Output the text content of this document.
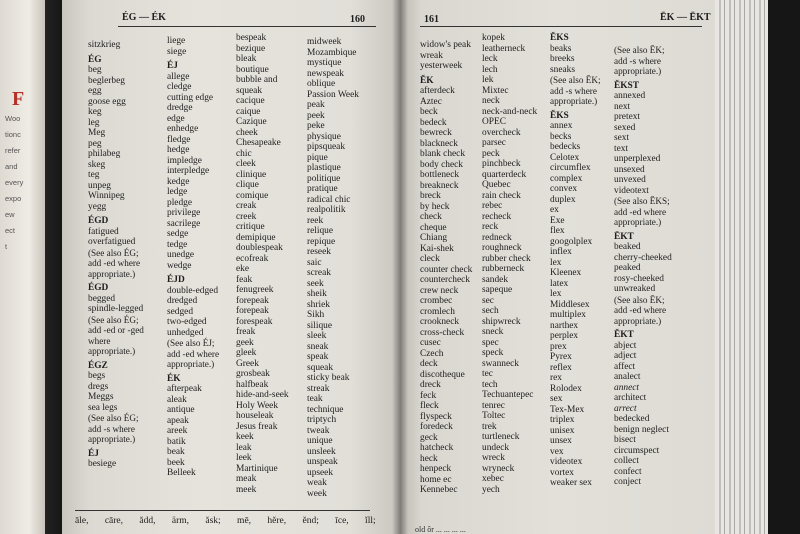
F
Woo
tionc
refer
and
every
expo
ew
ect
t
ÉG — ÉK	160	161	ĒK — ĒKT
sitzkrieg
ÉG
beg
beglerbeg
egg
goose egg
keg
leg
Meg
peg
philabeg
skeg
teg
unpeg
Winnipeg
yegg
ÉGD
fatigued
overfatigued
(See also ÉG;
add -ed where
appropriate.)
ÉGD
begged
spindle-legged
(See also ÉG;
add -ed or -ged
where
appropriate.)
ÉGZ
begs
dregs
Meggs
sea legs
(See also ÉG;
add -s where
appropriate.)
ÉJ
besiege
liege
siege
ÉJ
allege
cledge
cutting edge
dredge
edge
enhedge
fledge
hedge
impledge
interpledge
kedge
ledge
pledge
privilege
sacrilege
sedge
tedge
unedge
wedge
ÉJD
double-edged
dredged
sedged
two-edged
unhedged
(See also ÉJ;
add -ed where
appropriate.)
ÉK
afterpeak
aleak
antique
apeak
areek
batik
beak
beek
Belleek
bespeak
bezique
bleak
boutique
bubble and
squeak
cacique
caique
Cazique
cheek
Chesapeake
chic
cleek
clinique
clique
comique
creak
creek
critique
demipique
doublespeak
ecofreak
eke
feak
fenugreek
forepeak
forepeak
forespeak
freak
geek
gleek
Greek
grosbeak
halfbeak
hide-and-seek
Holy Week
houseleak
Jesus freak
keek
leak
leek
Martinique
meak
meek
midweek
Mozambique
mystique
newspeak
oblique
Passion Week
peak
peek
peke
physique
pipsqueak
pique
plastique
politique
pratique
radical chic
realpolitik
reek
relique
repique
reseek
saic
screak
seek
sheik
shriek
Sikh
silique
sleek
sneak
speak
squeak
sticky beak
streak
teak
technique
triptych
tweak
unique
unsleek
unspeak
upseek
weak
week
widow's peak
wreak
yesterweek
ĔK
afterdeck
Aztec
beck
bedeck
bewreck
blackneck
blank check
body check
bottleneck
breakneck
breck
by heck
check
cheque
Chiang
Kai-shek
cleck
counter check
countercheck
crew neck
crombec
cromlech
crookneck
cross-check
cusec
Czech
deck
discotheque
dreck
feck
fleck
flyspeck
foredeck
geck
hatcheck
heck
henpeck
home ec
Kennebec
kopek
leatherneck
leck
lech
lek
Mixtec
neck
neck-and-neck
OPEC
overcheck
parsec
peck
pinchbeck
quarterdeck
Quebec
rain check
rebec
recheck
reck
redneck
roughneck
rubber check
rubberneck
sandek
sapeque
sec
sech
shipwreck
sneck
spec
speck
swanneck
tec
tech
Techuantepec
tenrec
Toltec
trek
turtleneck
undeck
wreck
wryneck
xebec
yech
ĔKS
beaks
breeks
sneaks
(See also ĒK;
add -s where
appropriate.)
ĔKS
annex
becks
bedecks
Celotex
circumflex
complex
convex
duplex
ex
Exe
flex
googolplex
inflex
lex
Kleenex
latex
lex
Middlesex
multiplex
narthex
perplex
prex
Pyrex
reflex
rex
Rolodex
sex
Tex-Mex
triplex
unisex
unsex
vex
videotex
vortex
weaker sex
(See also ĒK;
add -s where
appropriate.)
ĔKST
annexed
next
pretext
sexed
sext
text
unperplexed
unsexed
unvexed
videotext
(See also ĔKS;
add -ed where
appropriate.)
ĒKT
beaked
cherry-cheeked
peaked
rosy-cheeked
unwreaked
(See also ĒK;
add -ed where
appropriate.)
ĔKT
abject
adject
affect
analect
annect
architect
arrect
bedecked
benign neglect
bisect
circumspect
collect
confect
conject
āle, cāre, ădd, ärm, ăsk; mē, hĕre, ĕnd; īce, ĭll;
old ôr ... ... ... ...
